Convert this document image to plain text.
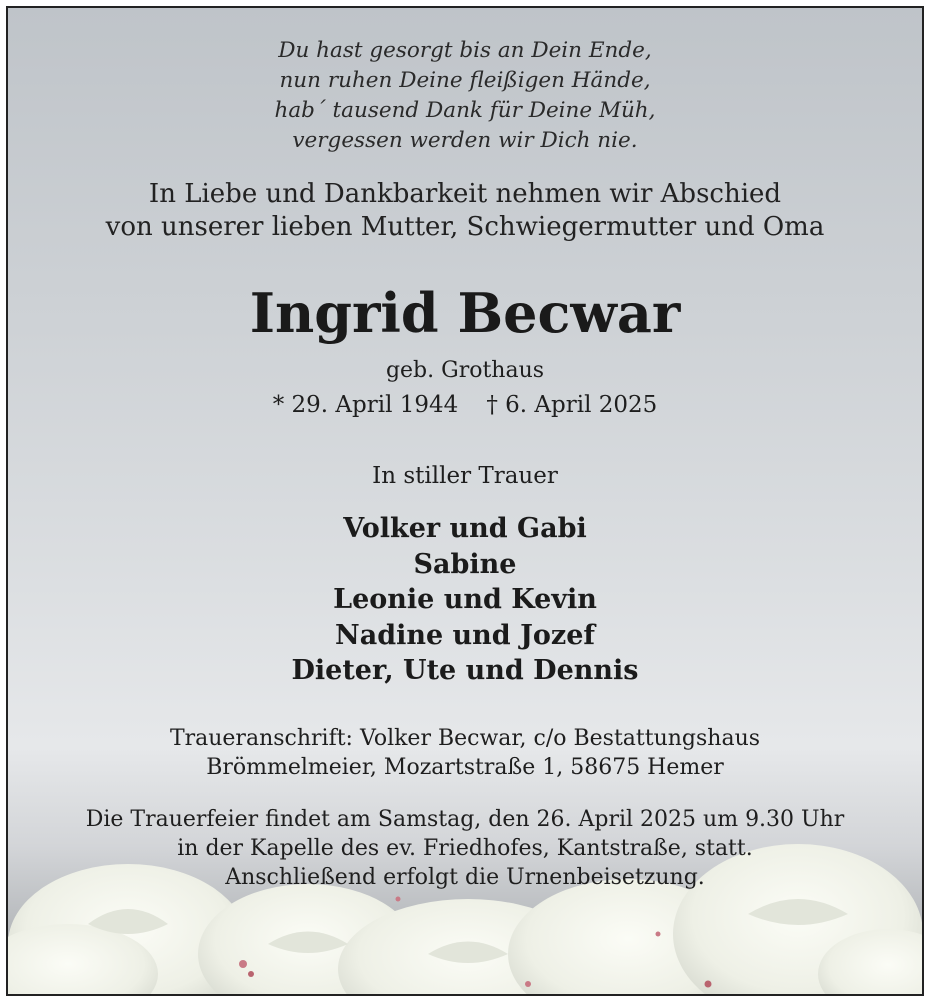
Du hast gesorgt bis an Dein Ende,
nun ruhen Deine fleißigen Hände,
hab´ tausend Dank für Deine Müh,
vergessen werden wir Dich nie.
In Liebe und Dankbarkeit nehmen wir Abschied
von unserer lieben Mutter, Schwiegermutter und Oma
Ingrid Becwar
geb. Grothaus
* 29. April 1944 † 6. April 2025
In stiller Trauer
Volker und Gabi
Sabine
Leonie und Kevin
Nadine und Jozef
Dieter, Ute und Dennis
Traueranschrift: Volker Becwar, c/o Bestattungshaus
Brömmelmeier, Mozartstraße 1, 58675 Hemer
Die Trauerfeier findet am Samstag, den 26. April 2025 um 9.30 Uhr
in der Kapelle des ev. Friedhofes, Kantstraße, statt.
Anschließend erfolgt die Urnenbeisetzung.
